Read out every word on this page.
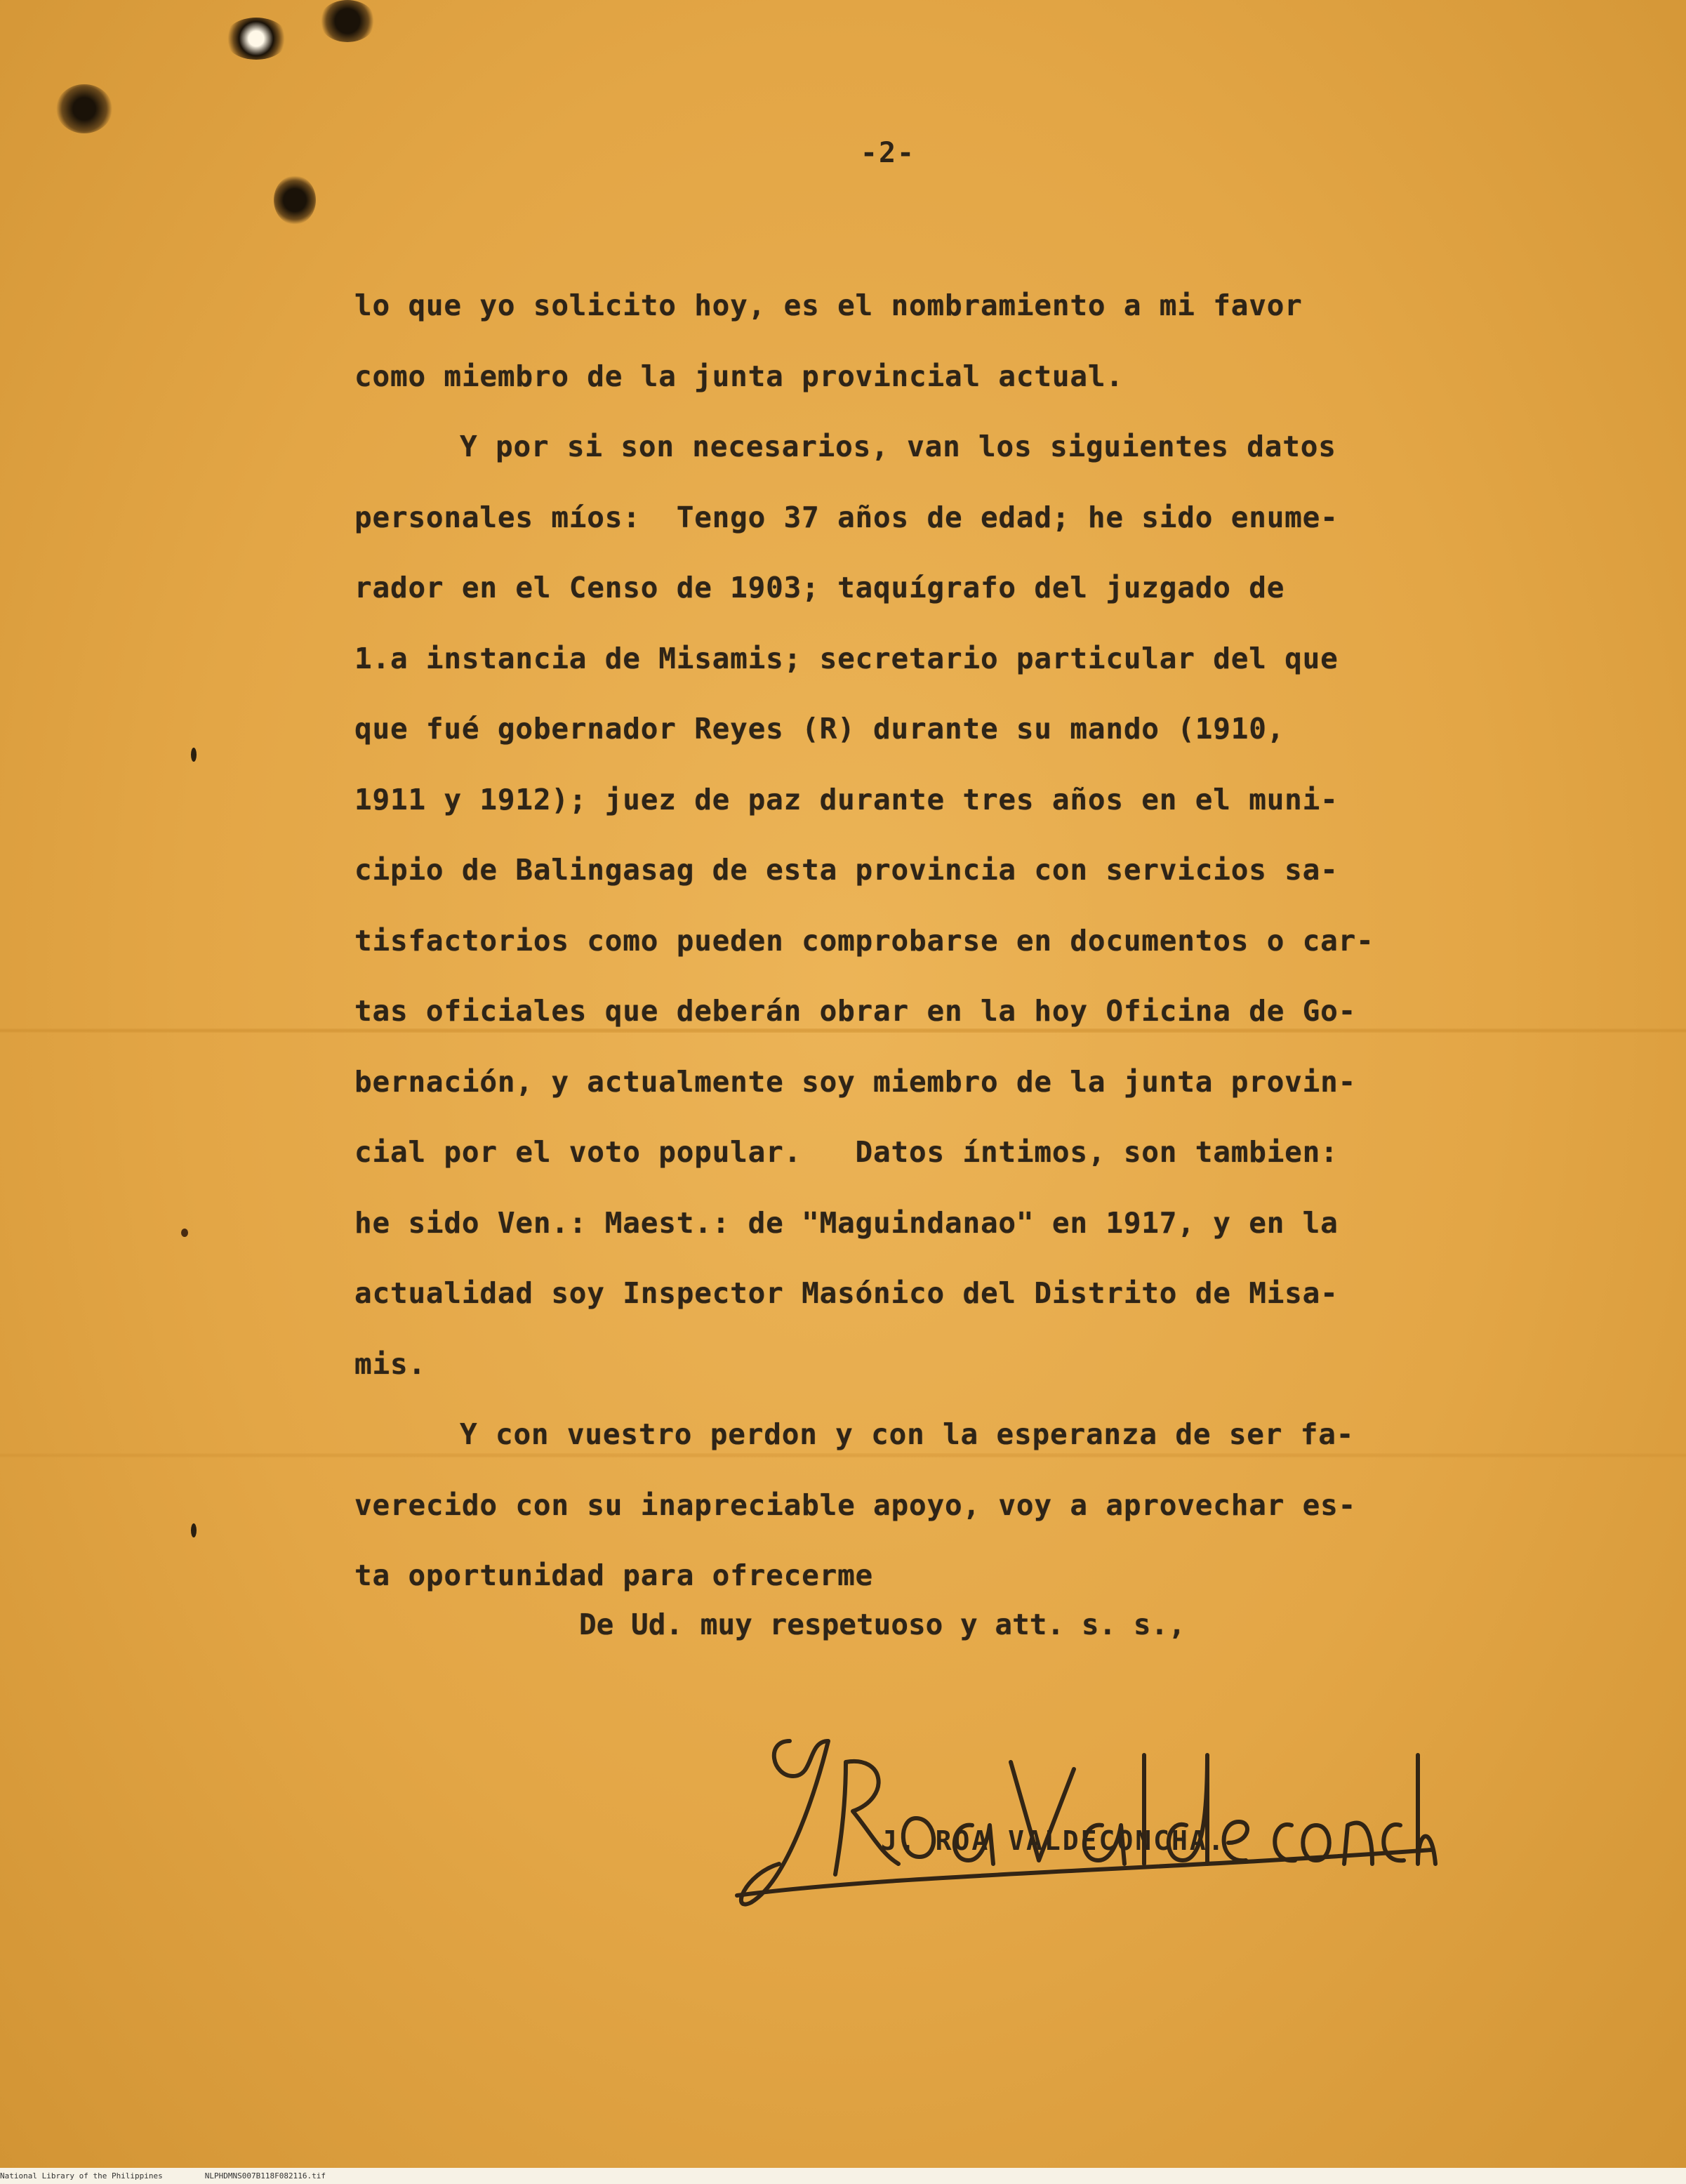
-2-
lo que yo solicito hoy, es el nombramiento a mi favor
como miembro de la junta provincial actual.
Y por si son necesarios, van los siguientes datos
personales míos:  Tengo 37 años de edad; he sido enume-
rador en el Censo de 1903; taquígrafo del juzgado de
1.a instancia de Misamis; secretario particular del que
que fué gobernador Reyes (R) durante su mando (1910,
1911 y 1912); juez de paz durante tres años en el muni-
cipio de Balingasag de esta provincia con servicios sa-
tisfactorios como pueden comprobarse en documentos o car-
tas oficiales que deberán obrar en la hoy Oficina de Go-
bernación, y actualmente soy miembro de la junta provin-
cial por el voto popular.   Datos íntimos, son tambien:
he sido Ven.: Maest.: de "Maguindanao" en 1917, y en la
actualidad soy Inspector Masónico del Distrito de Misa-
mis.
Y con vuestro perdon y con la esperanza de ser fa-
verecido con su inapreciable apoyo, voy a aprovechar es-
ta oportunidad para ofrecerme
De Ud. muy respetuoso y att. s. s.,
J. Roa Valdeconcha.
J. ROA VALDECONCHA.
National Library of the Philippines	NLPHDMNS007B118F082116.tif
